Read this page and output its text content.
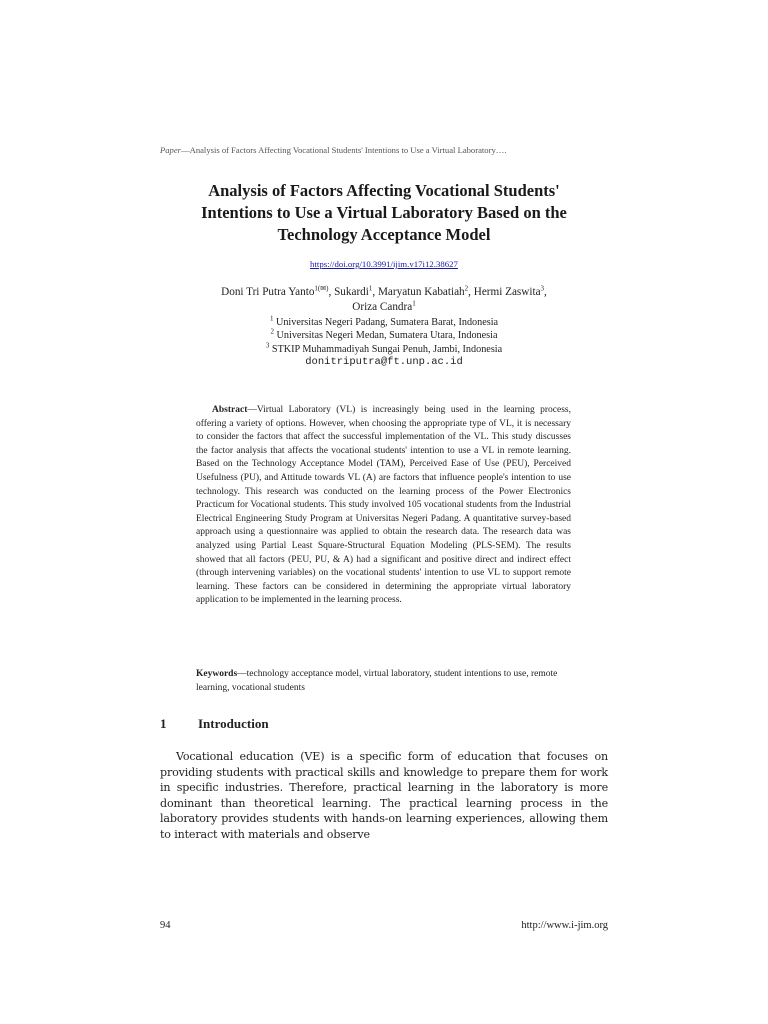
Paper—Analysis of Factors Affecting Vocational Students' Intentions to Use a Virtual Laboratory….
Analysis of Factors Affecting Vocational Students'
Intentions to Use a Virtual Laboratory Based on the
Technology Acceptance Model
https://doi.org/10.3991/ijim.v17i12.38627
Doni Tri Putra Yanto$^{1(✉)}$, Sukardi$^1$, Maryatun Kabatiah$^2$, Hermi Zaswita$^3$,
Oriza Candra$^1$
$^1$ Universitas Negeri Padang, Sumatera Barat, Indonesia
$^2$ Universitas Negeri Medan, Sumatera Utara, Indonesia
$^3$ STKIP Muhammadiyah Sungai Penuh, Jambi, Indonesia
donitriputra@ft.unp.ac.id
Abstract—Virtual Laboratory (VL) is increasingly being used in the learning process, offering a variety of options. However, when choosing the appropriate type of VL, it is necessary to consider the factors that affect the successful implementation of the VL. This study discusses the factor analysis that affects the vocational students' intention to use a VL in remote learning. Based on the Technology Acceptance Model (TAM), Perceived Ease of Use (PEU), Perceived Usefulness (PU), and Attitude towards VL (A) are factors that influence people's intention to use technology. This research was conducted on the learning process of the Power Electronics Practicum for Vocational students. This study involved 105 vocational students from the Industrial Electrical Engineering Study Program at Universitas Negeri Padang. A quantitative survey-based approach using a questionnaire was applied to obtain the research data. The research data was analyzed using Partial Least Square-Structural Equation Modeling (PLS-SEM). The results showed that all factors (PEU, PU, & A) had a significant and positive direct and indirect effect (through intervening variables) on the vocational students' intention to use VL to support remote learning. These factors can be considered in determining the appropriate virtual laboratory application to be implemented in the learning process.
Keywords—technology acceptance model, virtual laboratory, student intentions to use, remote learning, vocational students
1 Introduction
Vocational education (VE) is a specific form of education that focuses on providing students with practical skills and knowledge to prepare them for work in specific industries. Therefore, practical learning in the laboratory is more dominant than theoretical learning. The practical learning process in the laboratory provides students with hands-on learning experiences, allowing them to interact with materials and observe
94	http://www.i-jim.org
